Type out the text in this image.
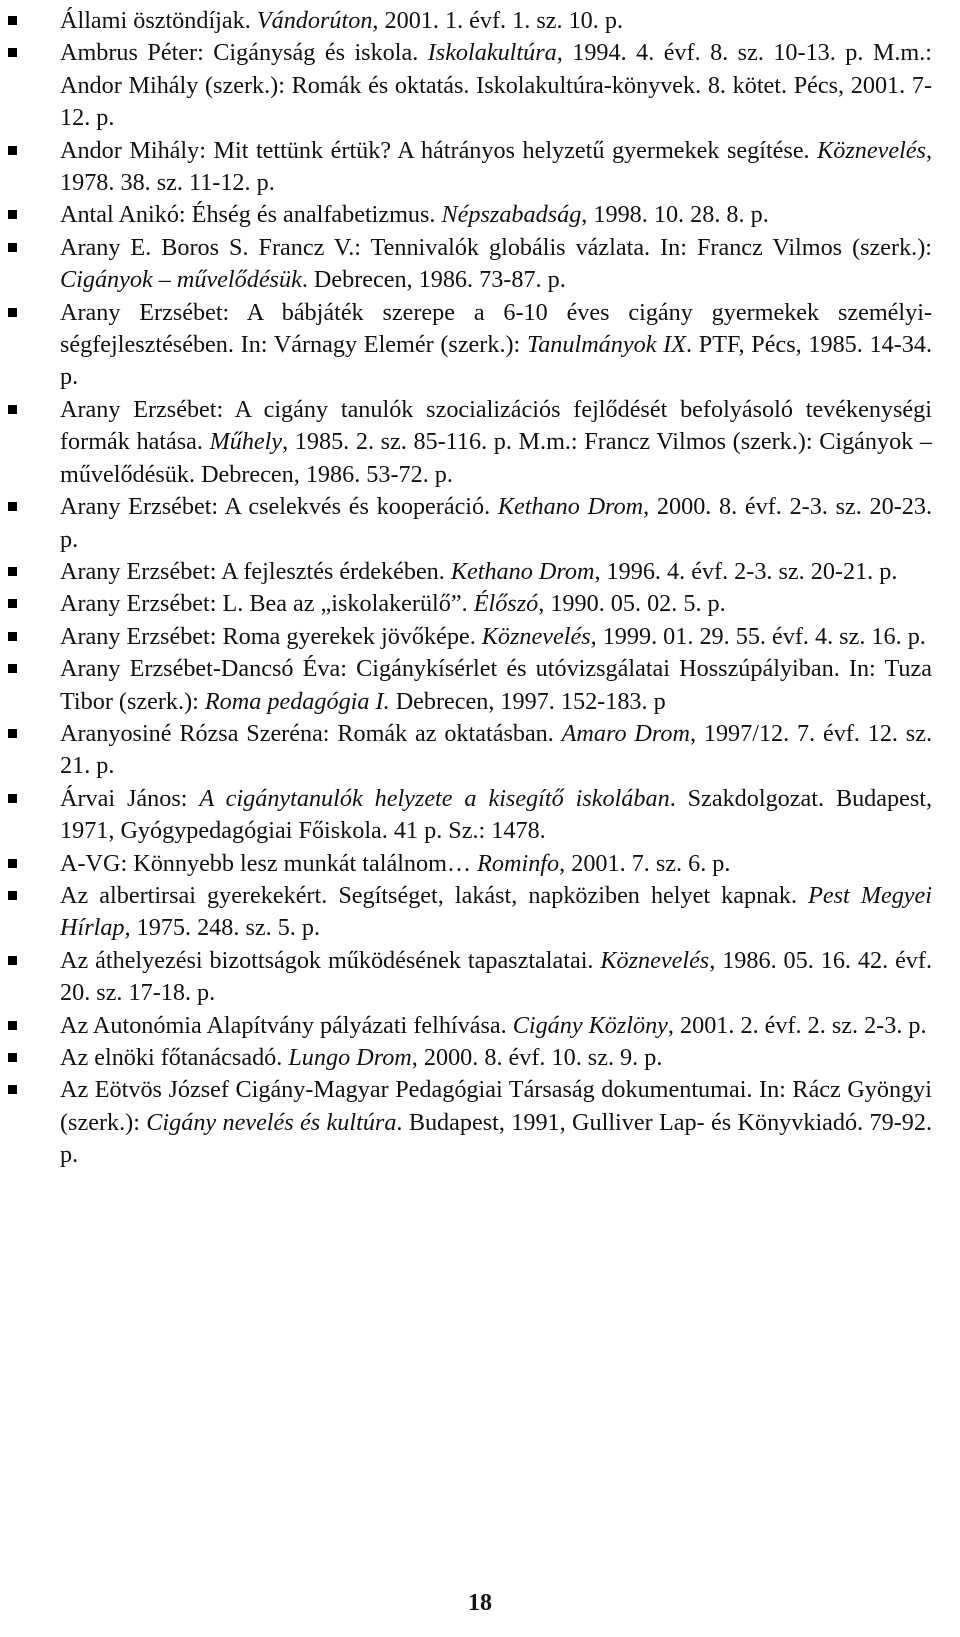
Állami ösztöndíjak. Vándorúton, 2001. 1. évf. 1. sz. 10. p.
Ambrus Péter: Cigányság és iskola. Iskolakultúra, 1994. 4. évf. 8. sz. 10-13. p. M.m.: Andor Mihály (szerk.): Romák és oktatás. Iskolakultúra-könyvek. 8. kötet. Pécs, 2001. 7-12. p.
Andor Mihály: Mit tettünk értük? A hátrányos helyzetű gyermekek segítése. Köznevelés, 1978. 38. sz. 11-12. p.
Antal Anikó: Éhség és analfabetizmus. Népszabadság, 1998. 10. 28. 8. p.
Arany E. Boros S. Francz V.: Tennivalók globális vázlata. In: Francz Vilmos (szerk.): Cigányok – művelődésük. Debrecen, 1986. 73-87. p.
Arany Erzsébet: A bábjáték szerepe a 6-10 éves cigány gyermekek személyi-ségfejlesztésében. In: Várnagy Elemér (szerk.): Tanulmányok IX. PTF, Pécs, 1985. 14-34. p.
Arany Erzsébet: A cigány tanulók szocializációs fejlődését befolyásoló tevékenységi formák hatása. Műhely, 1985. 2. sz. 85-116. p. M.m.: Francz Vilmos (szerk.): Cigányok – művelődésük. Debrecen, 1986. 53-72. p.
Arany Erzsébet: A cselekvés és kooperáció. Kethano Drom, 2000. 8. évf. 2-3. sz. 20-23. p.
Arany Erzsébet: A fejlesztés érdekében. Kethano Drom, 1996. 4. évf. 2-3. sz. 20-21. p.
Arany Erzsébet: L. Bea az „iskolakerülő”. Élőszó, 1990. 05. 02. 5. p.
Arany Erzsébet: Roma gyerekek jövőképe. Köznevelés, 1999. 01. 29. 55. évf. 4. sz. 16. p.
Arany Erzsébet-Dancsó Éva: Cigánykísérlet és utóvizsgálatai Hosszúpályiban. In: Tuza Tibor (szerk.): Roma pedagógia I. Debrecen, 1997. 152-183. p
Aranyosiné Rózsa Szeréna: Romák az oktatásban. Amaro Drom, 1997/12. 7. évf. 12. sz. 21. p.
Árvai János: A cigánytanulók helyzete a kisegítő iskolában. Szakdolgozat. Budapest, 1971, Gyógypedagógiai Főiskola. 41 p. Sz.: 1478.
A-VG: Könnyebb lesz munkát találnom… Rominfo, 2001. 7. sz. 6. p.
Az albertirsai gyerekekért. Segítséget, lakást, napköziben helyet kapnak. Pest Megyei Hírlap, 1975. 248. sz. 5. p.
Az áthelyezési bizottságok működésének tapasztalatai. Köznevelés, 1986. 05. 16. 42. évf. 20. sz. 17-18. p.
Az Autonómia Alapítvány pályázati felhívása. Cigány Közlöny, 2001. 2. évf. 2. sz. 2-3. p.
Az elnöki főtanácsadó. Lungo Drom, 2000. 8. évf. 10. sz. 9. p.
Az Eötvös József Cigány-Magyar Pedagógiai Társaság dokumentumai. In: Rácz Gyöngyi (szerk.): Cigány nevelés és kultúra. Budapest, 1991, Gulliver Lap- és Könyvkiadó. 79-92. p.
18
